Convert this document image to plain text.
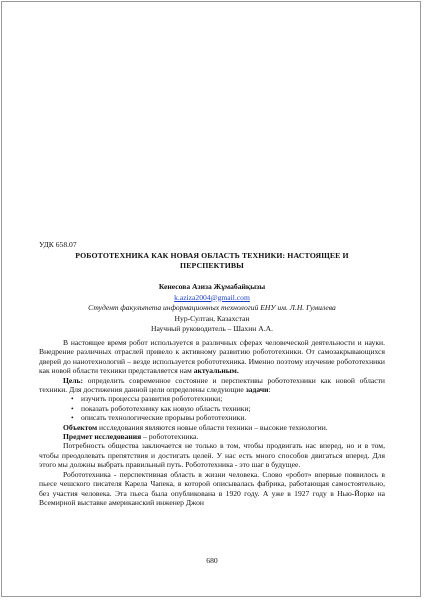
УДК 658.07
РОБОТОТЕХНИКА КАК НОВАЯ ОБЛАСТЬ ТЕХНИКИ: НАСТОЯЩЕЕ И
ПЕРСПЕКТИВЫ
Кенесова Азиза Жұмабайқызы
k.aziza2004@gmail.com
Студент факультета информационных технологий ЕНУ им. Л.Н. Гумилева
Нур-Султан, Казахстан
Научный руководитель – Шахин А.А.

В настоящее время робот используется в различных сферах человеческой деятельности и науки. Внедрение различных отраслей привело к активному развитию робототехники. От самозакрывающихся дверей до нанотехнологий – везде используется робототехника. Именно поэтому изучение робототехники как новой области техники представляется нам актуальным.

Цель: определить современное состояние и перспективы робототехники как новой области техники. Для достижения данной цели определены следующие задачи:

• изучить процессы развития робототехники;
• показать робототехнику как новую область техники;
• описать технологические прорывы робототехники.

Объектом исследования являются новые области техники – высокие технологии.

Предмет исследования – робототехника.

Потребность общества заключается не только в том, чтобы продвигать нас вперед, но и в том, чтобы преодолевать препятствия и достигать целей. У нас есть много способов двигаться вперед. Для этого мы должны выбрать правильный путь. Робототехника - это шаг в будущее.

Робототехника - перспективная область в жизни человека. Слово «робот» впервые появилось в пьесе чешского писателя Карела Чапека, в которой описывалась фабрика, работающая самостоятельно, без участия человека. Эта пьеса была опубликована в 1920 году. А уже в 1927 году в Нью-Йорке на Всемирной выставке американский инженер Джон

680
